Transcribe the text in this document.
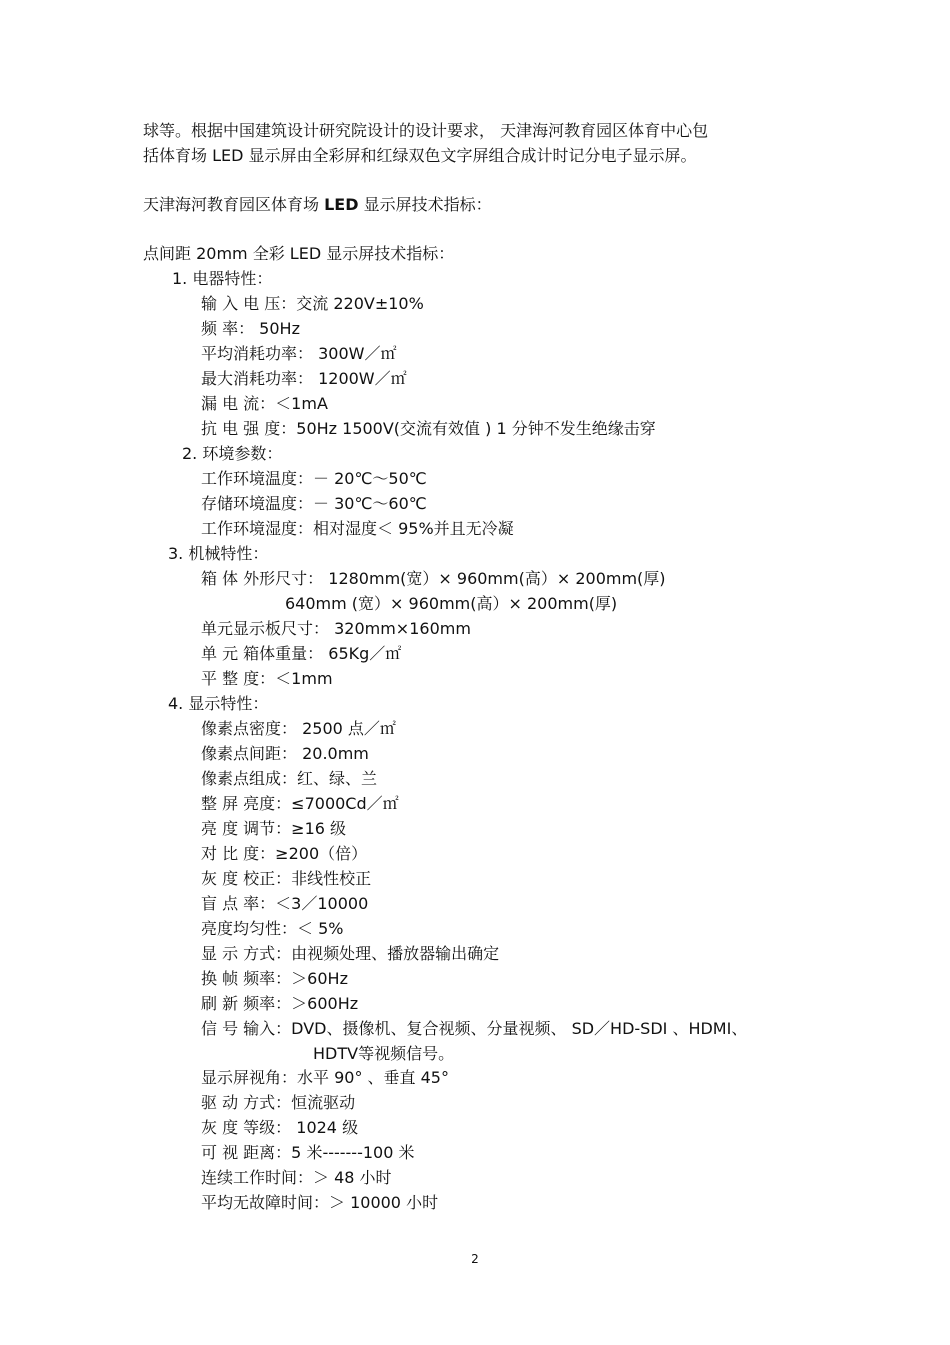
球等。根据中国建筑设计研究院设计的设计要求， 天津海河教育园区体育中心包
括体育场 LED 显示屏由全彩屏和红绿双色文字屏组合成计时记分电子显示屏。
天津海河教育园区体育场 LED 显示屏技术指标：
点间距 20mm 全彩 LED 显示屏技术指标：
1. 电器特性：
输 入 电 压：交流 220V±10%
频 率： 50Hz
平均消耗功率： 300W／㎡
最大消耗功率： 1200W／㎡
漏 电 流：＜1mA
抗 电 强 度：50Hz 1500V(交流有效值 ) 1 分钟不发生绝缘击穿
2. 环境参数：
工作环境温度：－ 20℃～50℃
存储环境温度：－ 30℃～60℃
工作环境湿度：相对湿度＜ 95%并且无冷凝
3. 机械特性：
箱 体 外形尺寸： 1280mm(宽）× 960mm(高）× 200mm(厚)
640mm (宽）× 960mm(高）× 200mm(厚)
单元显示板尺寸： 320mm×160mm
单 元 箱体重量： 65Kg／㎡
平 整 度：＜1mm
4. 显示特性：
像素点密度： 2500 点／㎡
像素点间距： 20.0mm
像素点组成：红、绿、兰
整 屏 亮度：≤7000Cd／㎡
亮 度 调节：≥16 级
对 比 度：≥200（倍）
灰 度 校正：非线性校正
盲 点 率：＜3／10000
亮度均匀性：＜ 5%
显 示 方式：由视频处理、播放器输出确定
换 帧 频率：＞60Hz
刷 新 频率：＞600Hz
信 号 输入：DVD、摄像机、复合视频、分量视频、 SD／HD-SDI 、HDMI、
HDTV等视频信号。
显示屏视角：水平 90° 、垂直 45°
驱 动 方式：恒流驱动
灰 度 等级： 1024 级
可 视 距离：5 米-------100 米
连续工作时间：＞ 48 小时
平均无故障时间：＞ 10000 小时
2
